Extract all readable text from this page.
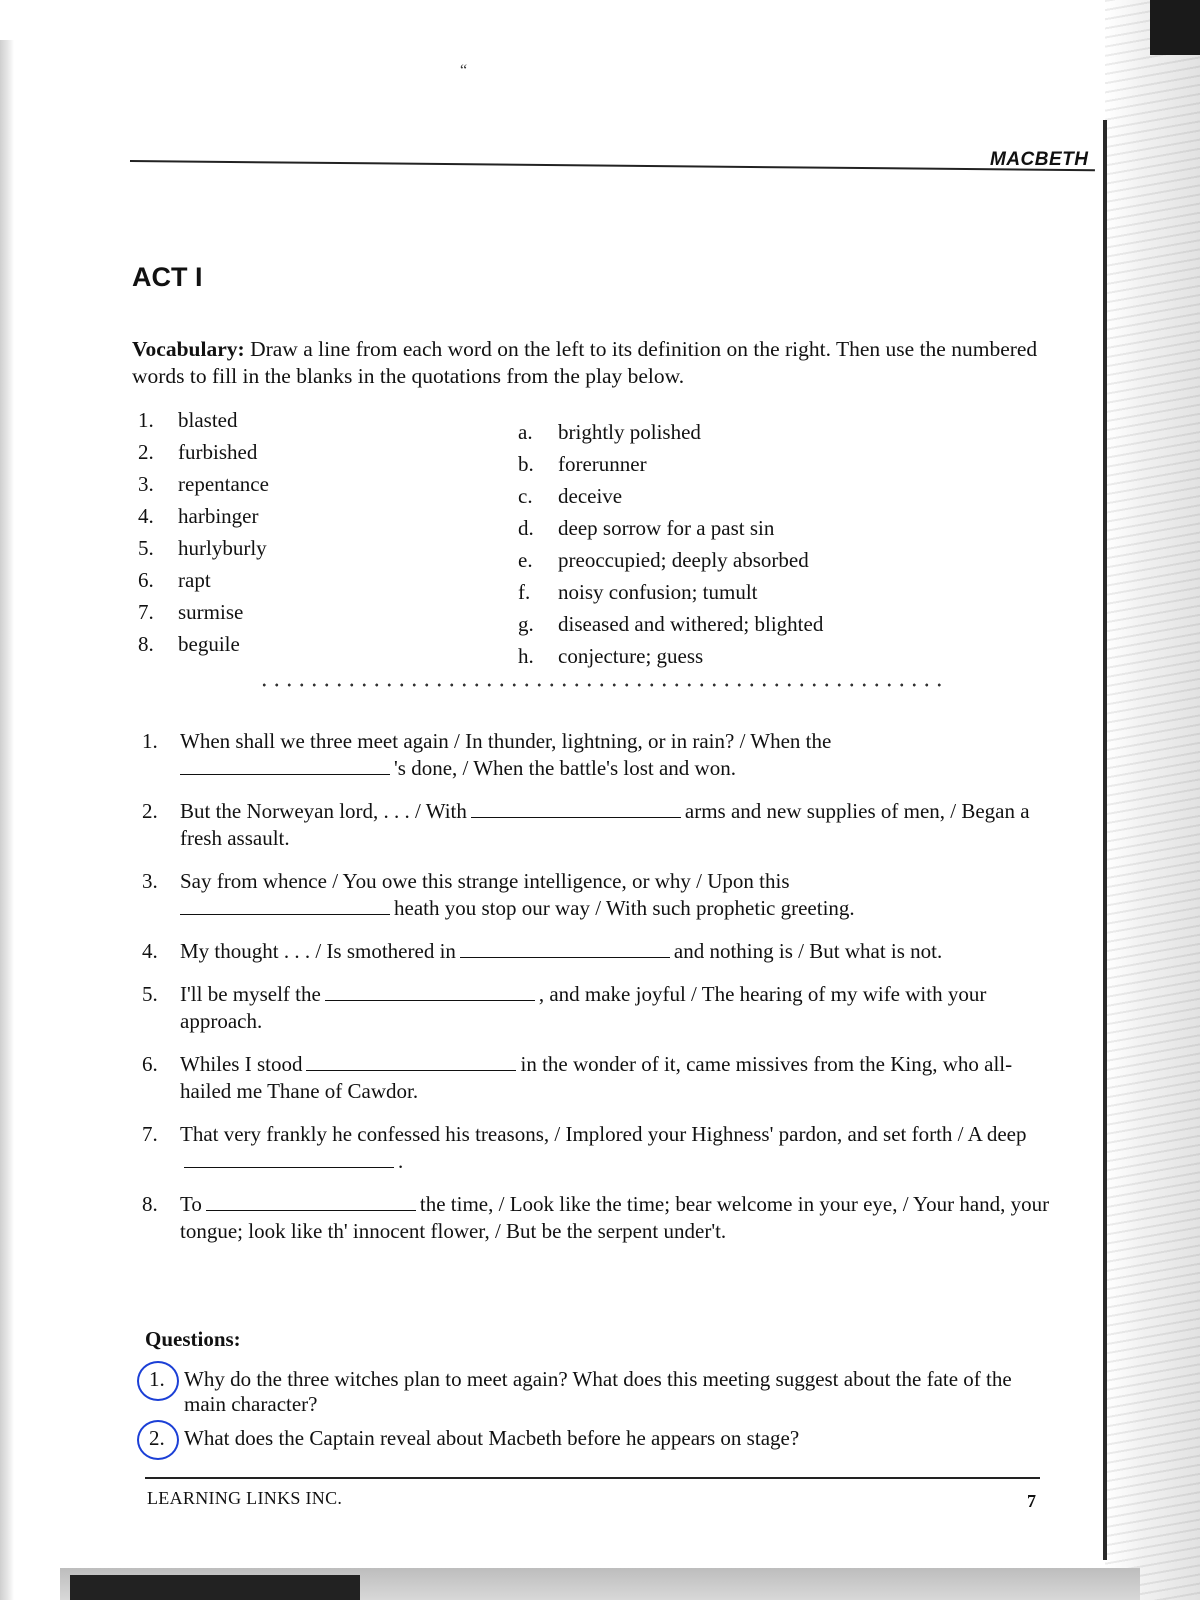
“
MACBETH
ACT I
Vocabulary: Draw a line from each word on the left to its definition on the right. Then use the numbered words to fill in the blanks in the quotations from the play below.
1. blasted
2. furbished
3. repentance
4. harbinger
5. hurlyburly
6. rapt
7. surmise
8. beguile
a. brightly polished
b. forerunner
c. deceive
d. deep sorrow for a past sin
e. preoccupied; deeply absorbed
f. noisy confusion; tumult
g. diseased and withered; blighted
h. conjecture; guess
1. When shall we three meet again / In thunder, lightning, or in rain? / When the
's done, / When the battle's lost and won.
2. But the Norweyan lord, . . . / With	arms and new supplies of men, / Began a fresh assault.
3. Say from whence / You owe this strange intelligence, or why / Upon this
heath you stop our way / With such prophetic greeting.
4. My thought . . . / Is smothered in	and nothing is / But what is not.
5. I'll be myself the	, and make joyful / The hearing of my wife with your approach.
6. Whiles I stood	in the wonder of it, came missives from the King, who all-hailed me Thane of Cawdor.
7. That very frankly he confessed his treasons, / Implored your Highness' pardon, and set forth / A deep.
8. To	the time, / Look like the time; bear welcome in your eye, / Your hand, your tongue; look like th' innocent flower, / But be the serpent under't.
Questions:
1. Why do the three witches plan to meet again? What does this meeting suggest about the fate of the main character?
2. What does the Captain reveal about Macbeth before he appears on stage?
LEARNING LINKS INC.	7
